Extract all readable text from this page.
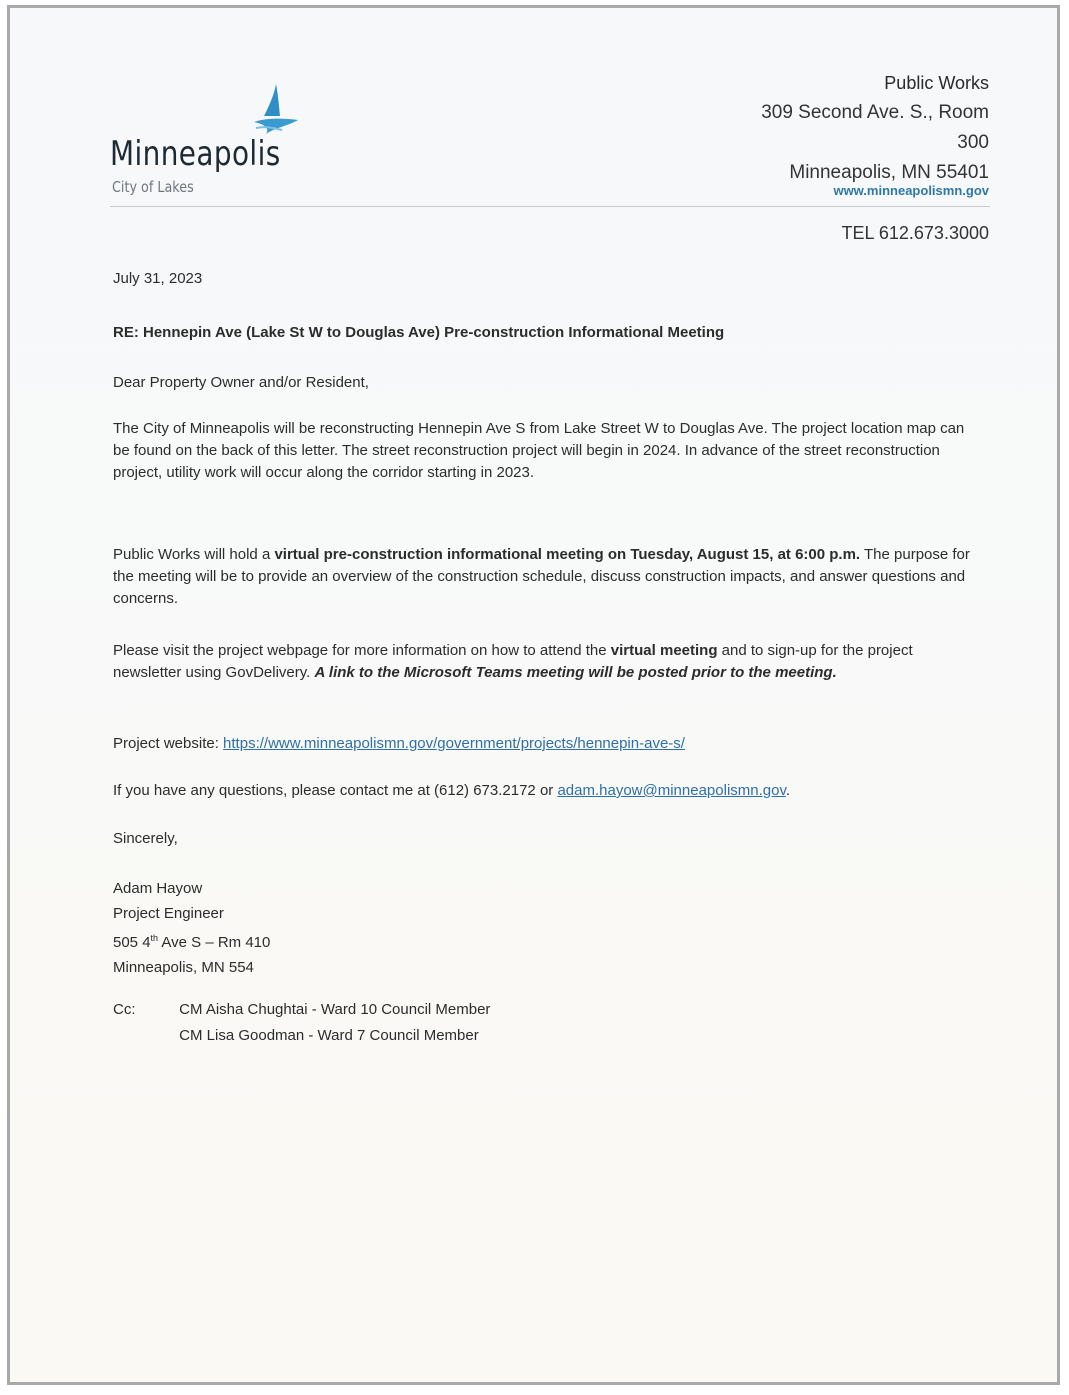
Minneapolis
City of Lakes
Public Works
309 Second Ave. S., Room
300
Minneapolis, MN 55401
www.minneapolismn.gov
TEL 612.673.3000
July 31, 2023
RE: Hennepin Ave (Lake St W to Douglas Ave) Pre-construction Informational Meeting
Dear Property Owner and/or Resident,
The City of Minneapolis will be reconstructing Hennepin Ave S from Lake Street W to Douglas Ave. The project location map can be found on the back of this letter. The street reconstruction project will begin in 2024. In advance of the street reconstruction project, utility work will occur along the corridor starting in 2023.
Public Works will hold a virtual pre-construction informational meeting on Tuesday, August 15, at 6:00 p.m. The purpose for the meeting will be to provide an overview of the construction schedule, discuss construction impacts, and answer questions and concerns.
Please visit the project webpage for more information on how to attend the virtual meeting and to sign-up for the project newsletter using GovDelivery. A link to the Microsoft Teams meeting will be posted prior to the meeting.
Project website: https://www.minneapolismn.gov/government/projects/hennepin-ave-s/
If you have any questions, please contact me at (612) 673.2172 or adam.hayow@minneapolismn.gov.
Sincerely,
Adam Hayow
Project Engineer
505 4th Ave S – Rm 410
Minneapolis, MN 554
Cc:	CM Aisha Chughtai - Ward 10 Council Member
CM Lisa Goodman - Ward 7 Council Member
